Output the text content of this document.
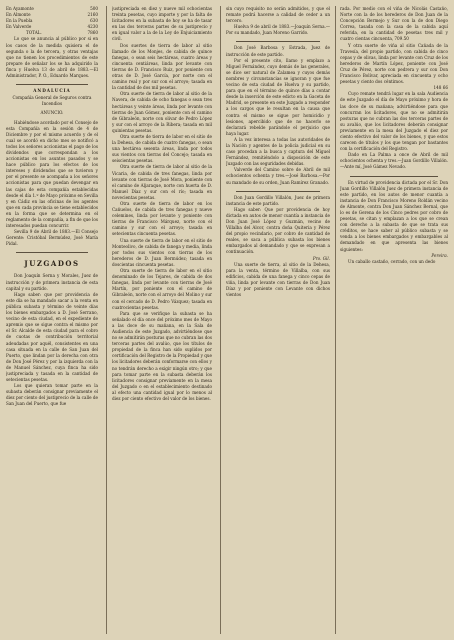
En Ayamonte	500
En Almonte	2160
En la Puebla	630
En Valverde	4230
TOTAL.	7860

Lo que se anuncia al público por si en los casos de la medida quisiera el de segunda o la de tercera, y otras ventajas que no tienen los procedimientos de este prepare de señalar los se ha adquirido la finca y Huelva 13 de abril de 1883.—El Administrador, P. O., Eduardo Marques.

ANDALUCIA
Compañía General de Seguros contra Incendios
ANUNCIO.

Habiéndose acordado por el Consejo de esta Compañía en la sesión de 4 de Diciembre y por el mismo acuerdo y de el cual se acordó en dicho mes se notificó a todos los señores accionistas el pago de los dividendos que correspondan a los accionistas en los asuntos pasados y se hace público para los efectos de los intereses y dividendos que se tuvieron y por el presente se acompaña a los señores accionistas para que puedan devengar en las cajas de esta compañía establecidas desde el día 1.º de Mayo próximo en Sevilla y en Cádiz en las oficinas de los agentes que en cada provincia se tiene establecidos en la forma que se determina en el reglamento de la compañía, a fin de que los interesados puedan concurrir.

Sevilla 9 de Abril de 1883.—El Consejo Gerente: Cristóbal Bermúdez, José María Pidal.

JUZGADOS

Don Joaquín Serna y Morales, Juez de instrucción y de primera instancia de esta capital y su partido.

Hago saber: que por providencia de este día se ha mandado sacar a la venta en pública subasta y término de veinte días los bienes embargados a D. José Serrano, vecino de esta ciudad, en el expediente de apremio que se sigue contra el mismo por el Sr. Alcalde de esta ciudad para el cobro de cuotas de contribución territorial adeudadas por aquél, consistentes en una casa situada en la calle de San Juan del Puerto, que lindan por la derecha con otra de Don José Pérez y por la izquierda con la de Manuel Sánchez, cuya finca ha sido justipreciada y tasada en la cantidad de setecientas pesetas.

Los que quieran tomar parte en la subasta deberán consignar previamente el diez por ciento del justiprecio de la calle de San Juan del Puerto, que fue

justipreciada en diez y nueve mil ochocientas treinta pesetas, cuyo importe y por la falta de licitadores en la subasta de hoy se ha de tasar en las dos terceras partes de su justiprecio y en igual valor a la de la Ley de Enjuiciamiento civil.

Dos suertes de tierra de labor al sitio llamado de los Monjes, de cabida de quince fanegas, o sean seis hectáreas, cuatro áreas y cincuenta centiáreas, linda por levante con tierras de D. Francisco Ruiz, por poniente con otras de D. José García, por norte con el camino real y por sur con el arroyo; tasada en la cantidad de dos mil pesetas.

Otra suerte de tierra de labor al sitio de la Navera, de cabida de ocho fanegas o sean tres hectáreas y veinte áreas, linda por levante con tierras de Juan Gómez, poniente con el camino de Gibraleón, norte con olivar de Pedro López y sur con el arroyo de la Ribera; tasada en mil quinientas pesetas.

Otra suerte de tierra de labor en el sitio de la Dehesa, de cabida de cuatro fanegas, o sean una hectárea sesenta áreas, linda por todos sus vientos con tierras del Concejo; tasada en seiscientas pesetas.

Otra suerte de tierra de labor al sitio de la Vicaria, de cabida de tres fanegas, linda por levante con tierras de José Mora, poniente con el camino de Aljaraque, norte con huerta de D. Manuel Díaz y sur con el río; tasada en novecientas pesetas.

Otra suerte de tierra de labor en los Cañuelos, de cabida de tres fanegas y nueve celemines, linda por levante y poniente con tierras de Francisco Márquez, norte con el camino y sur con el arroyo; tasada en setecientas cincuenta pesetas.

Una suerte de tierra de labor en el sitio de Monteolivo, de cabida de fanega y media, linda por todos sus vientos con tierras de los herederos de D. Juan Bermúdez; tasada en doscientas cincuenta pesetas.

Otra suerte de tierra de labor en el sitio denominado de los Tejares, de cabida de dos fanegas, linda por levante con tierras de José Martín, por poniente con el camino de Gibraleón, norte con el arroyo del Molino y sur con el cercado de D. Pedro Vázquez; tasada en cuatrocientas pesetas.

Para que se verifique la subasta se ha señalado el día once del próximo mes de Mayo a las doce de su mañana, en la Sala de Audiencia de este Juzgado, advirtiéndose que no se admitirán posturas que no cubran las dos terceras partes del avalúo, que los títulos de propiedad de la finca han sido suplidos por certificación del Registro de la Propiedad y que los licitadores deberán conformarse con ellos y no tendrán derecho a exigir ningún otro; y que para tomar parte en la subasta deberán los licitadores consignar previamente en la mesa del Juzgado o en el establecimiento destinado al efecto una cantidad igual por lo menos al diez por ciento efectivo del valor de los bienes.

sin cuyo requisito no serán admitidos, y que el remate podrá hacerse a calidad de ceder a un tercero.

Huelva 9 de abril de 1883.—Joaquín Serna.—Por su mandado, Juan Moreno Garrido.

Don José Barbosa y Estrada, Juez de instrucción de este partido.

Por el presente cito, llamo y emplazo a Miguel Fernández, cuyo demás de las generales, se dice ser natural de Zalamea y cuyos demás nombres y circunstancias se ignoran y que fue vecino de esta ciudad de Huelva y su partido, para que en el término de quince días a contar desde la inserción de este edicto en la Gaceta de Madrid, se presente en este Juzgado a responder a los cargos que le resultan en la causa que contra el mismo se sigue por homicidio y lesiones, apercibido que de no hacerlo se declarará rebelde parándole el perjuicio que haya lugar.

A la vez interesa a todas las autoridades de la Nación y agentes de la policía judicial en su caso procedan a la busca y captura del Miguel Fernández, remitiéndolo a disposición de este Juzgado con las seguridades debidas.

Valverde del Camino sobre de Abril de mil ochocientos ochenta y tres.—José Barbosa.—Por su mandado de su orden, Juan Ramírez Granado.

Don Juan Gordillo Villalón, Juez de primera instancia de este partido.

Hago saber: Que por providencia de hoy dictada en autos de menor cuantía a instancia de Don Juan José López y Guzmán, vecino de Villalba del Alcor, contra doña Quiteria y Pérez del propio vecindario, por cobro de cantidad de reales, se saca a pública subasta los bienes embargados al demandado y que se expresan a continuación.

Pro. Gil.

Una suerte de tierra, al sitio de la Dehesa, para la venta, término de Villalba, con sus edificios, cabida de una fanega y cinco cepas de viña, linda por levante con tierras de Don Juan Díaz y por poniente con Levante con dichos vientos

rada. Por medio con el viña de Nicolás Castaño, Norte con la de los herederos de Don Juan de la Concepción Bermejo y Sur con la de don Diego Correa, tasada con la casa de la cabida aquí referida, en la cantidad de pesetas tres mil y cuatro cientas cincuenta, 709.50

Y otra suerte de viña al sitio Cañada de la Travesía, del propio partido, con cabida de cinco cepas y de olivas, linda por levante con Cruz de los herederos de Martín López, poniente con José Cruz de Pérez, norte con pedrera y sur con Don Francisco Bolívar, apreciada en cincuenta y ocho pesetas y ciento dos céntimos.

148 66

Cuyo remate tendrá lugar en la sala Audiencia de este Juzgado el día de Mayo próximo y hora de las doce de su mañana; advirtiéndose para que concurran los licitadores, que no se admitirán posturas que no cubran las dos terceras partes de su avalúo, que los licitadores deberán consignar previamente en la mesa del Juzgado el diez por ciento efectivo del valor de los bienes, y que estos carecen de títulos y los que tengan por bastantes con la certificación del Registro.

Dado en La Palma a once de Abril de mil ochocientos ochenta y tres.—Juan Gordillo Villalón.—Ante mí, José Gámez Nevado.

En virtud de providencia dictada por el Sr. Don Juan Gordillo Villalón Juez de primera instancia de este partido, en los autos de menor cuantía a instancia de Don Francisco Moreno Roldán vecino de Almonte, contra Don Juan Sánchez Bernal, que lo es de Gerena de los Cinco pedres por cobro de pesetas, se citan y emplazan a los que se crean con derecho a la subasta de que se trata sus créditos, se hace saber al público subasta y se venda a los bienes embargados y embargables al demandado en que apresenta las bienes siguientes:

Pereira.

Un caballo castaño, cerrado, con un dedo
